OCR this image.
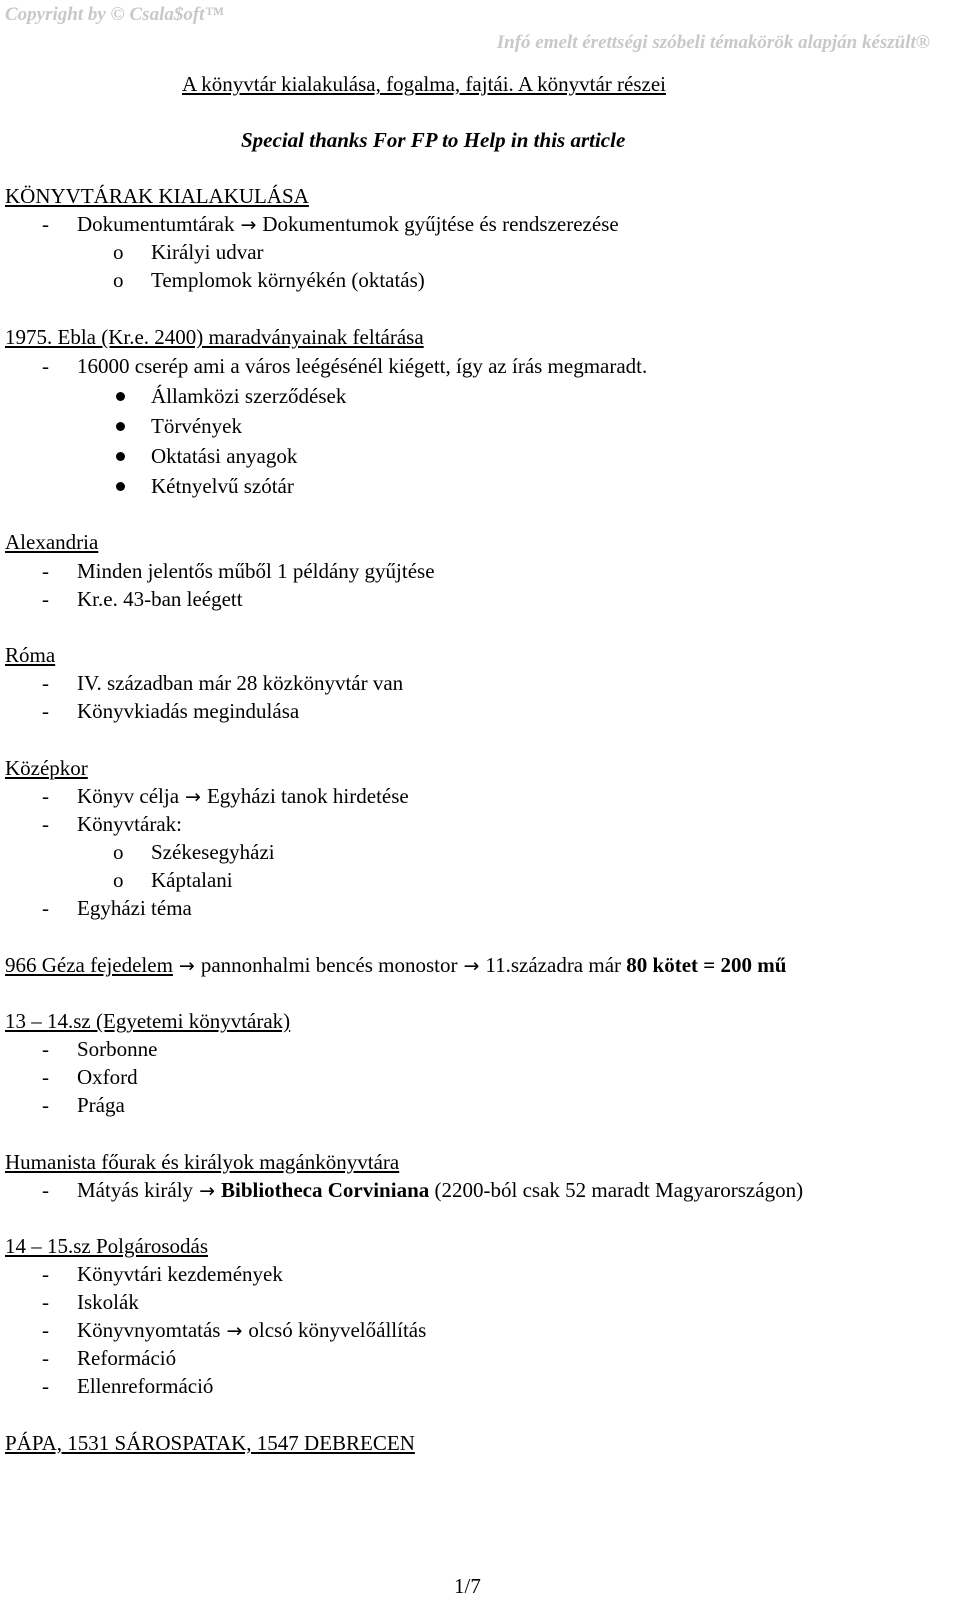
Copyright by © Csala$oft™
Infó emelt érettségi szóbeli témakörök alapján készült®
A könyvtár kialakulása, fogalma, fajtái. A könyvtár részei
Special thanks For FP to Help in this article
KÖNYVTÁRAK KIALAKULÁSA
- Dokumentumtárak → Dokumentumok gyűjtése és rendszerezése
o Királyi udvar
o Templomok környékén (oktatás)
1975. Ebla (Kr.e. 2400) maradványainak feltárása
- 16000 cserép ami a város leégésénél kiégett, így az írás megmaradt.
Államközi szerződések
Törvények
Oktatási anyagok
Kétnyelvű szótár
Alexandria
- Minden jelentős műből 1 példány gyűjtése
- Kr.e. 43-ban leégett
Róma
- IV. században már 28 közkönyvtár van
- Könyvkiadás megindulása
Középkor
- Könyv célja → Egyházi tanok hirdetése
- Könyvtárak:
o Székesegyházi
o Káptalani
- Egyházi téma
966 Géza fejedelem → pannonhalmi bencés monostor → 11.századra már 80 kötet = 200 mű
13 – 14.sz (Egyetemi könyvtárak)
- Sorbonne
- Oxford
- Prága
Humanista főurak és királyok magánkönyvtára
- Mátyás király → Bibliotheca Corviniana (2200-ból csak 52 maradt Magyarországon)
14 – 15.sz Polgárosodás
- Könyvtári kezdemények
- Iskolák
- Könyvnyomtatás → olcsó könyvelőállítás
- Reformáció
- Ellenreformáció
PÁPA, 1531 SÁROSPATAK, 1547 DEBRECEN
1/7
